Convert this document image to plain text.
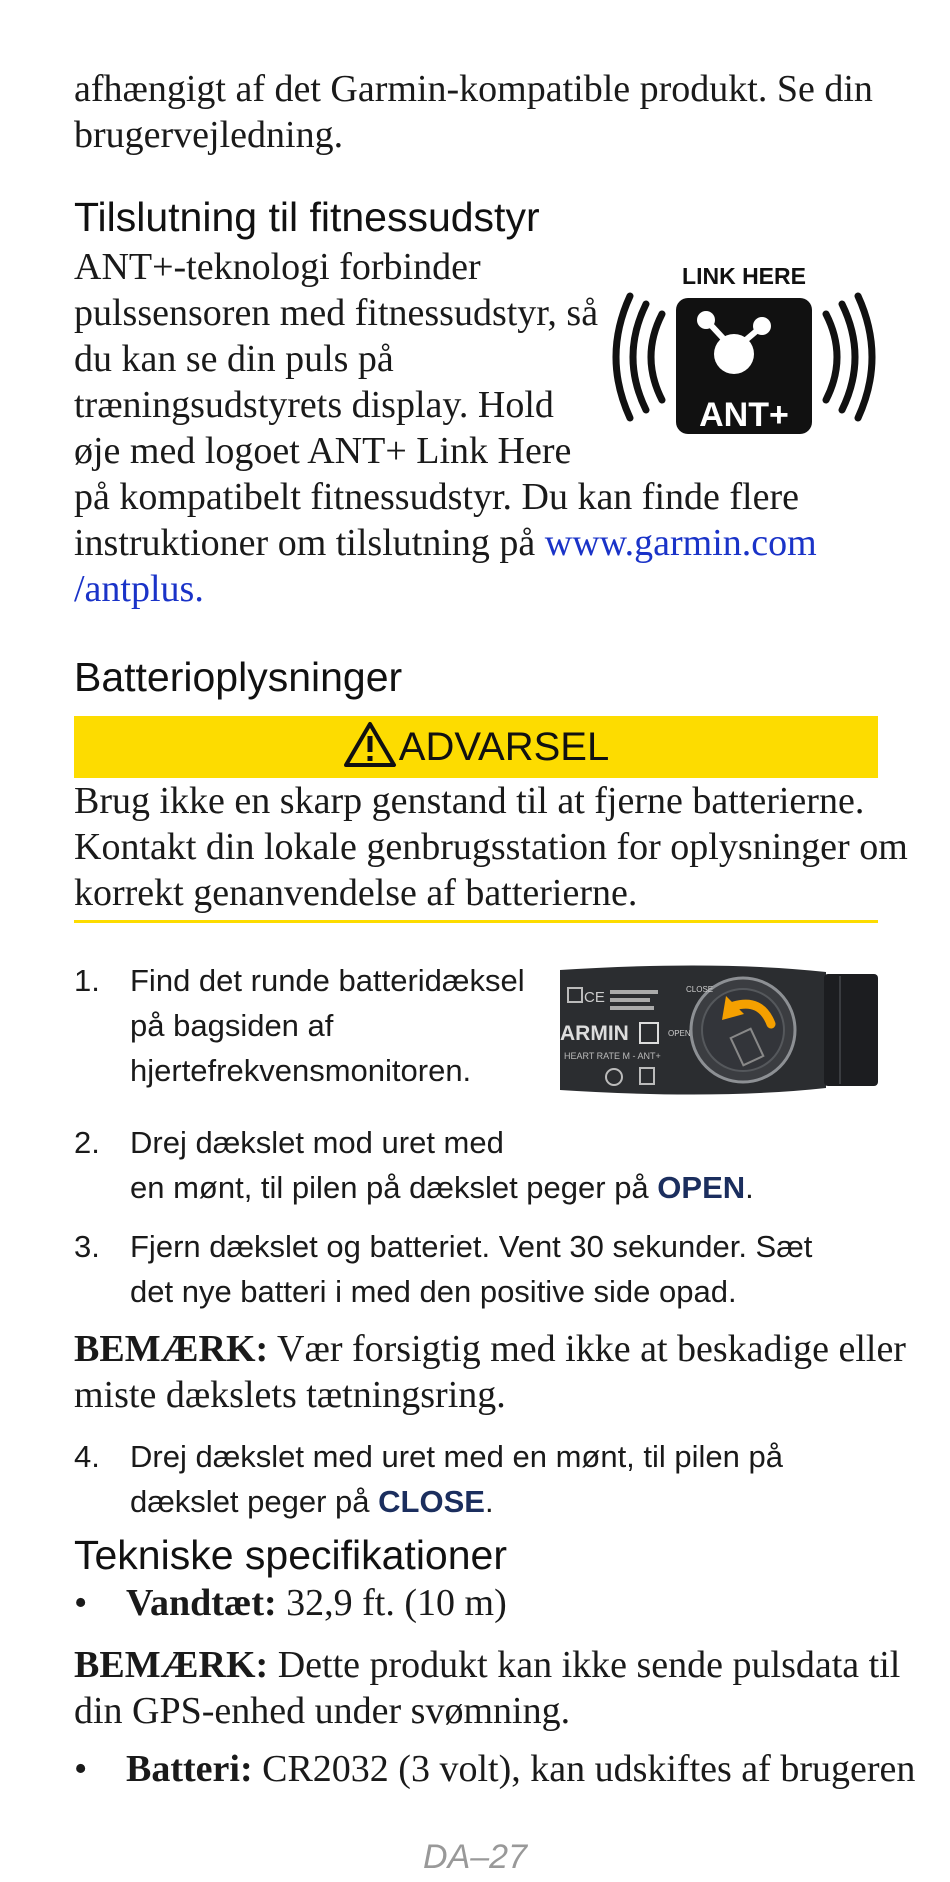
afhængigt af det Garmin-kompatible produkt. Se din
brugervejledning.
Tilslutning til fitnessudstyr
ANT+-teknologi forbinder
pulssensoren med fitnessudstyr, så
du kan se din puls på
træningsudstyrets display. Hold
øje med logoet ANT+ Link Here
på kompatibelt fitnessudstyr. Du kan finde flere
instruktioner om tilslutning på www.garmin.com
/antplus.
LINK HERE
ANT+
Batterioplysninger
ADVARSEL
Brug ikke en skarp genstand til at fjerne batterierne.
Kontakt din lokale genbrugsstation for oplysninger om
korrekt genanvendelse af batterierne.
1. Find det runde batteridæksel
på bagsiden af
hjertefrekvensmonitoren.
CE
ARMIN
HEART RATE M - ANT+
CLOSE
OPEN
2. Drej dækslet mod uret med
en mønt, til pilen på dækslet peger på OPEN.
3. Fjern dækslet og batteriet. Vent 30 sekunder. Sæt
det nye batteri i med den positive side opad.
BEMÆRK: Vær forsigtig med ikke at beskadige eller
miste dækslets tætningsring.
4. Drej dækslet med uret med en mønt, til pilen på
dækslet peger på CLOSE.
Tekniske specifikationer
• Vandtæt: 32,9 ft. (10 m)
BEMÆRK: Dette produkt kan ikke sende pulsdata til
din GPS-enhed under svømning.
• Batteri: CR2032 (3 volt), kan udskiftes af brugeren
DA–27
